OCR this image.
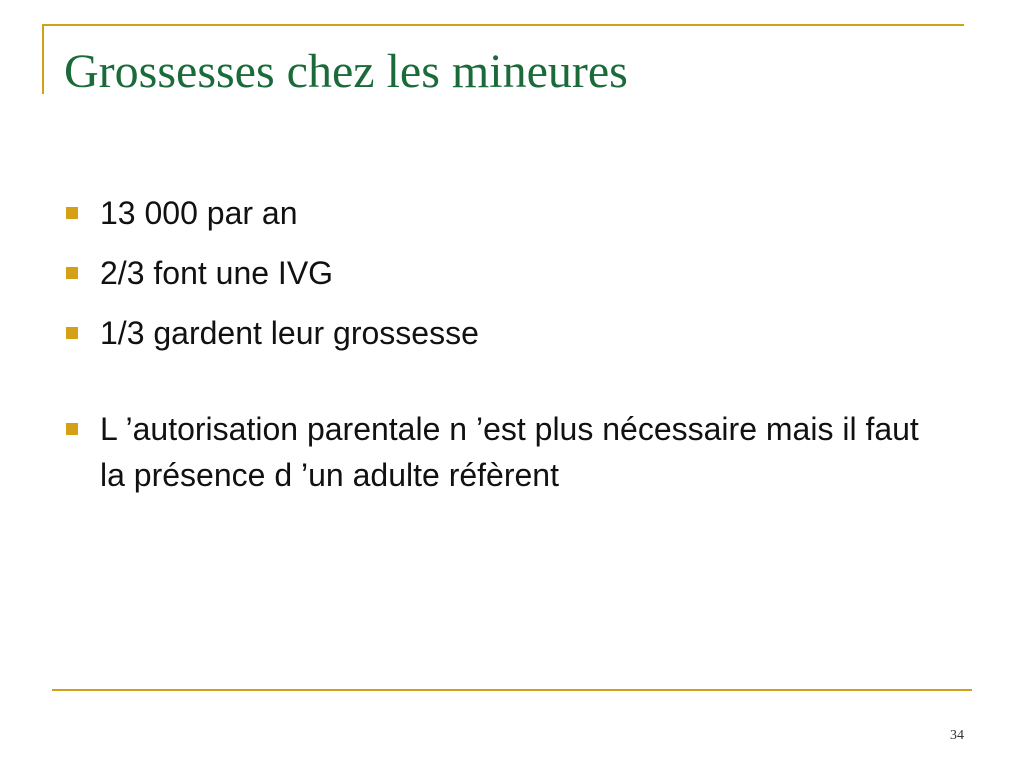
Grossesses chez les mineures
13 000 par an
2/3 font une IVG
1/3 gardent leur grossesse
L ’autorisation parentale n ’est plus nécessaire mais il faut la présence d ’un adulte réfèrent
34
